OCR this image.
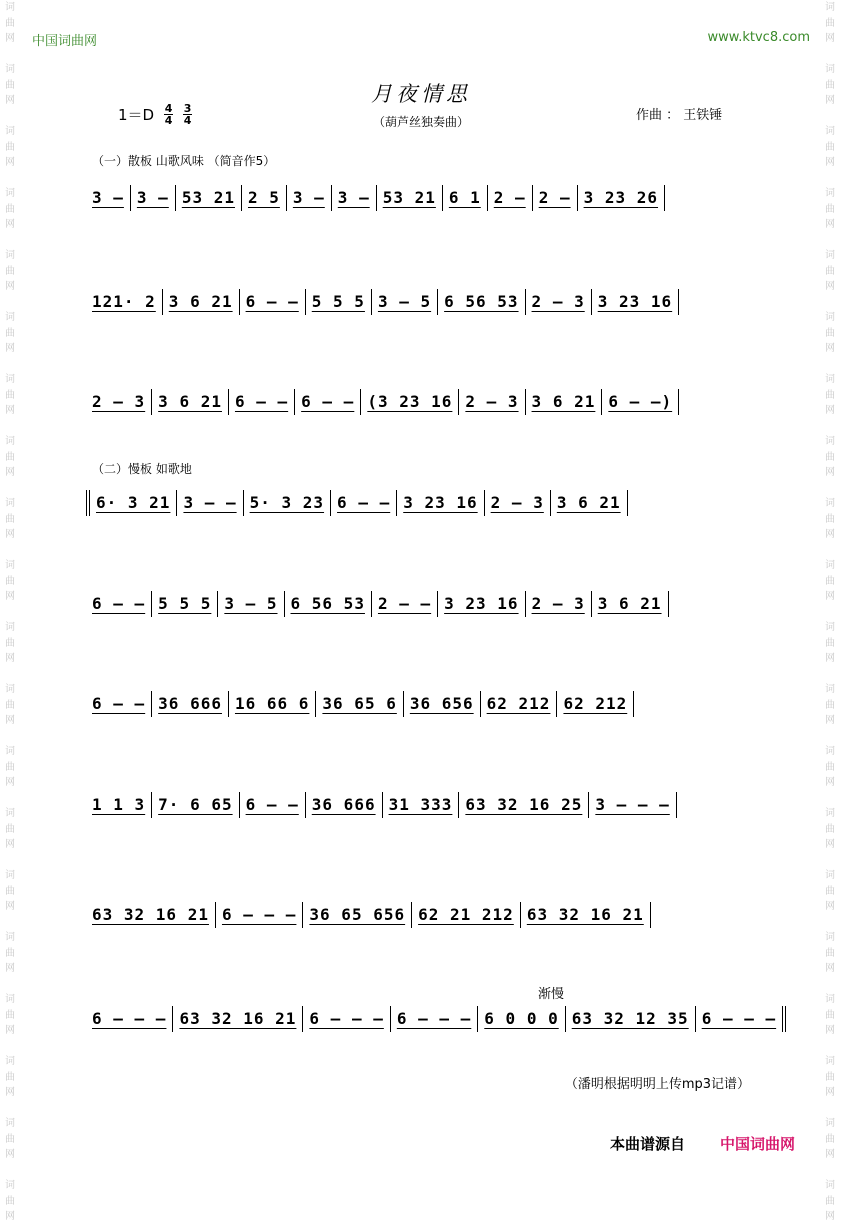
词
曲
网

词
曲
网

词
曲
网

词
曲
网

词
曲
网

词
曲
网

词
曲
网

词
曲
网

词
曲
网

词
曲
网

词
曲
网

词
曲
网

词
曲
网

词
曲
网

词
曲
网

词
曲
网

词
曲
网

词
曲
网

词
曲
网

词
曲
网
词
曲
网

词
曲
网

词
曲
网

词
曲
网

词
曲
网

词
曲
网

词
曲
网

词
曲
网

词
曲
网

词
曲
网

词
曲
网

词
曲
网

词
曲
网

词
曲
网

词
曲
网

词
曲
网

词
曲
网

词
曲
网

词
曲
网

词
曲
网
中国词曲网	www.ktvc8.com
月夜情思
（葫芦丝独奏曲）
1＝D 4
4
3
4	作曲 ： 王铁锤
（一）散板 山歌风味 （简音作5）
（二）慢板 如歌地
3 – 3 – 53 21 2 5 3 – 3 – 53 21 6 1 2 – 2 – 3 23 26
121· 2 3 6 21 6 – – 5 5 5 3 – 5 6 56 53 2 – 3 3 23 16
2 – 3 3 6 21 6 – – 6 – – (3 23 16 2 – 3 3 6 21 6 – –)
6· 3 21 3 – – 5· 3 23 6 – – 3 23 16 2 – 3 3 6 21
6 – – 5 5 5 3 – 5 6 56 53 2 – – 3 23 16 2 – 3 3 6 21
6 – – 36 666 16 66 6 36 65 6 36 656 62 212 62 212
1 1 3 7· 6 65 6 – – 36 666 31 333 63 32 16 25 3 – – –
63 32 16 21 6 – – – 36 65 656 62 21 212 63 32 16 21
6 – – – 63 32 16 21 6 – – – 6 – – – 6 0 0 0 63 32 12 35 6 – – –
渐慢
（潘明根据明明上传mp3记谱）
本曲谱源自 中国词曲网
